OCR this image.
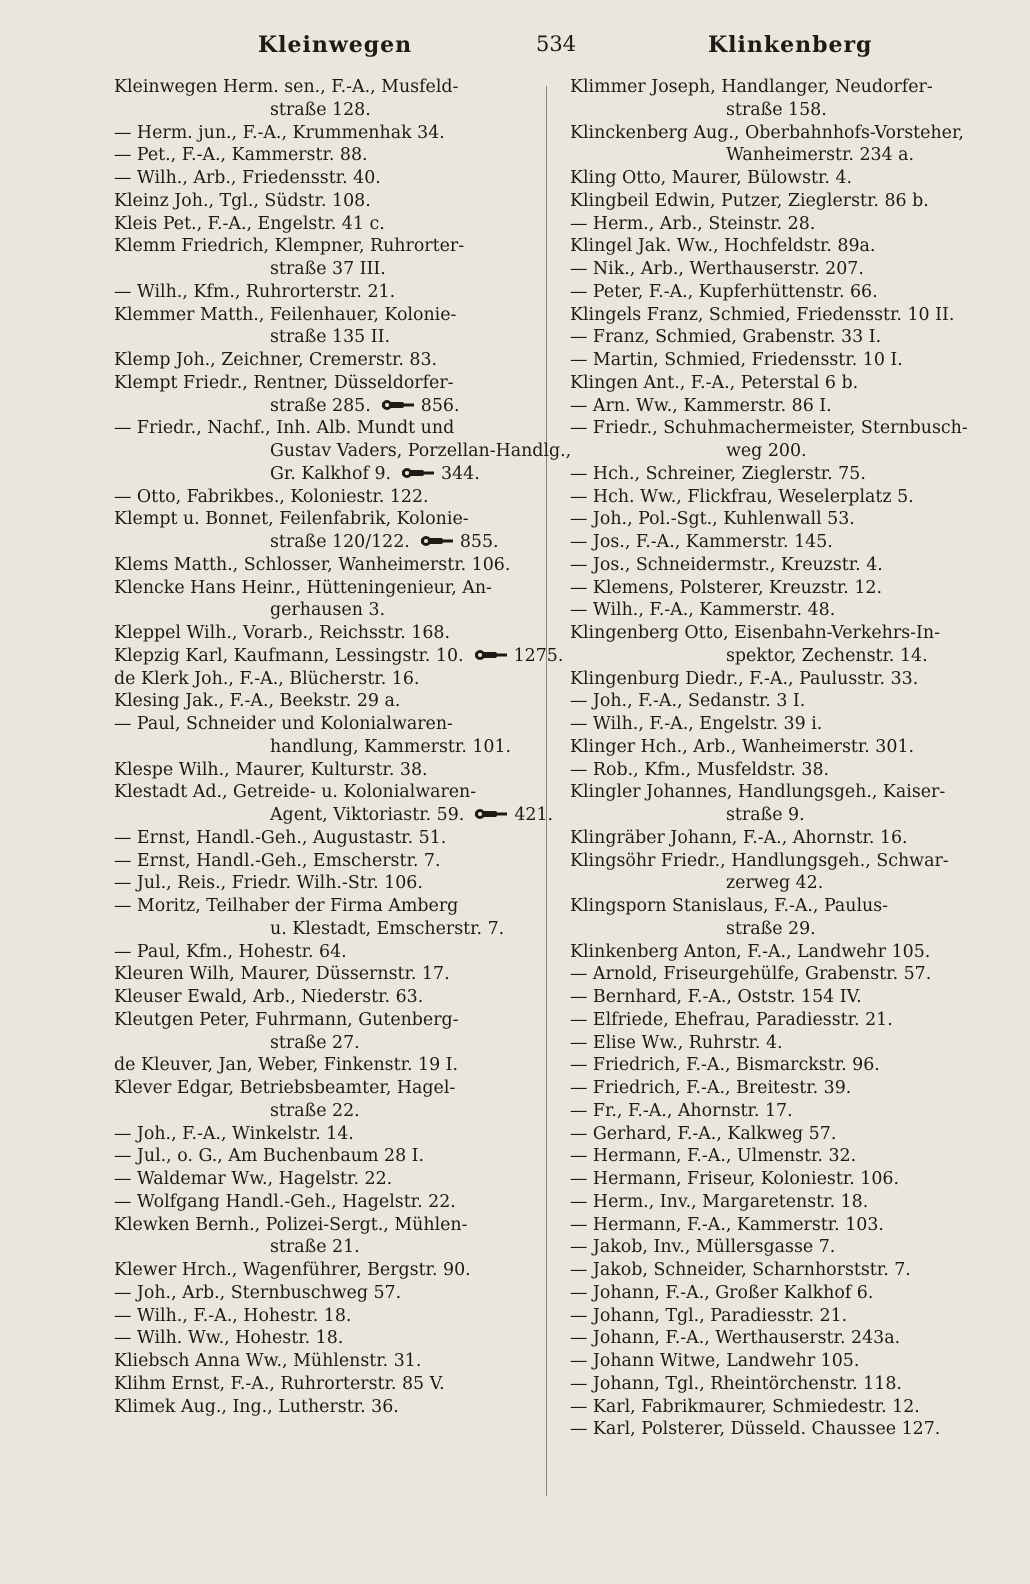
Kleinwegen	534	Klinkenberg
Kleinwegen Herm. sen., F.-A., Musfeld-
straße 128.
— Herm. jun., F.-A., Krummenhak 34.
— Pet., F.-A., Kammerstr. 88.
— Wilh., Arb., Friedensstr. 40.
Kleinz Joh., Tgl., Südstr. 108.
Kleis Pet., F.-A., Engelstr. 41 c.
Klemm Friedrich, Klempner, Ruhrorter-
straße 37 III.
— Wilh., Kfm., Ruhrorterstr. 21.
Klemmer Matth., Feilenhauer, Kolonie-
straße 135 II.
Klemp Joh., Zeichner, Cremerstr. 83.
Klempt Friedr., Rentner, Düsseldorfer-
straße 285.	856.
— Friedr., Nachf., Inh. Alb. Mundt und
Gustav Vaders, Porzellan-Handlg.,
Gr. Kalkhof 9.	344.
— Otto, Fabrikbes., Koloniestr. 122.
Klempt u. Bonnet, Feilenfabrik, Kolonie-
straße 120/122.	855.
Klems Matth., Schlosser, Wanheimerstr. 106.
Klencke Hans Heinr., Hütteningenieur, An-
gerhausen 3.
Kleppel Wilh., Vorarb., Reichsstr. 168.
Klepzig Karl, Kaufmann, Lessingstr. 10.	1275.
de Klerk Joh., F.-A., Blücherstr. 16.
Klesing Jak., F.-A., Beekstr. 29 a.
— Paul, Schneider und Kolonialwaren-
handlung, Kammerstr. 101.
Klespe Wilh., Maurer, Kulturstr. 38.
Klestadt Ad., Getreide- u. Kolonialwaren-
Agent, Viktoriastr. 59.	421.
— Ernst, Handl.-Geh., Augustastr. 51.
— Ernst, Handl.-Geh., Emscherstr. 7.
— Jul., Reis., Friedr. Wilh.-Str. 106.
— Moritz, Teilhaber der Firma Amberg
u. Klestadt, Emscherstr. 7.
— Paul, Kfm., Hohestr. 64.
Kleuren Wilh, Maurer, Düssernstr. 17.
Kleuser Ewald, Arb., Niederstr. 63.
Kleutgen Peter, Fuhrmann, Gutenberg-
straße 27.
de Kleuver, Jan, Weber, Finkenstr. 19 I.
Klever Edgar, Betriebsbeamter, Hagel-
straße 22.
— Joh., F.-A., Winkelstr. 14.
— Jul., o. G., Am Buchenbaum 28 I.
— Waldemar Ww., Hagelstr. 22.
— Wolfgang Handl.-Geh., Hagelstr. 22.
Klewken Bernh., Polizei-Sergt., Mühlen-
straße 21.
Klewer Hrch., Wagenführer, Bergstr. 90.
— Joh., Arb., Sternbuschweg 57.
— Wilh., F.-A., Hohestr. 18.
— Wilh. Ww., Hohestr. 18.
Kliebsch Anna Ww., Mühlenstr. 31.
Klihm Ernst, F.-A., Ruhrorterstr. 85 V.
Klimek Aug., Ing., Lutherstr. 36.
Klimmer Joseph, Handlanger, Neudorfer-
straße 158.
Klinckenberg Aug., Oberbahnhofs-Vorsteher,
Wanheimerstr. 234 a.
Kling Otto, Maurer, Bülowstr. 4.
Klingbeil Edwin, Putzer, Zieglerstr. 86 b.
— Herm., Arb., Steinstr. 28.
Klingel Jak. Ww., Hochfeldstr. 89a.
— Nik., Arb., Werthauserstr. 207.
— Peter, F.-A., Kupferhüttenstr. 66.
Klingels Franz, Schmied, Friedensstr. 10 II.
— Franz, Schmied, Grabenstr. 33 I.
— Martin, Schmied, Friedensstr. 10 I.
Klingen Ant., F.-A., Peterstal 6 b.
— Arn. Ww., Kammerstr. 86 I.
— Friedr., Schuhmachermeister, Sternbusch-
weg 200.
— Hch., Schreiner, Zieglerstr. 75.
— Hch. Ww., Flickfrau, Weselerplatz 5.
— Joh., Pol.-Sgt., Kuhlenwall 53.
— Jos., F.-A., Kammerstr. 145.
— Jos., Schneidermstr., Kreuzstr. 4.
— Klemens, Polsterer, Kreuzstr. 12.
— Wilh., F.-A., Kammerstr. 48.
Klingenberg Otto, Eisenbahn-Verkehrs-In-
spektor, Zechenstr. 14.
Klingenburg Diedr., F.-A., Paulusstr. 33.
— Joh., F.-A., Sedanstr. 3 I.
— Wilh., F.-A., Engelstr. 39 i.
Klinger Hch., Arb., Wanheimerstr. 301.
— Rob., Kfm., Musfeldstr. 38.
Klingler Johannes, Handlungsgeh., Kaiser-
straße 9.
Klingräber Johann, F.-A., Ahornstr. 16.
Klingsöhr Friedr., Handlungsgeh., Schwar-
zerweg 42.
Klingsporn Stanislaus, F.-A., Paulus-
straße 29.
Klinkenberg Anton, F.-A., Landwehr 105.
— Arnold, Friseurgehülfe, Grabenstr. 57.
— Bernhard, F.-A., Oststr. 154 IV.
— Elfriede, Ehefrau, Paradiesstr. 21.
— Elise Ww., Ruhrstr. 4.
— Friedrich, F.-A., Bismarckstr. 96.
— Friedrich, F.-A., Breitestr. 39.
— Fr., F.-A., Ahornstr. 17.
— Gerhard, F.-A., Kalkweg 57.
— Hermann, F.-A., Ulmenstr. 32.
— Hermann, Friseur, Koloniestr. 106.
— Herm., Inv., Margaretenstr. 18.
— Hermann, F.-A., Kammerstr. 103.
— Jakob, Inv., Müllersgasse 7.
— Jakob, Schneider, Scharnhorststr. 7.
— Johann, F.-A., Großer Kalkhof 6.
— Johann, Tgl., Paradiesstr. 21.
— Johann, F.-A., Werthauserstr. 243a.
— Johann Witwe, Landwehr 105.
— Johann, Tgl., Rheintörchenstr. 118.
— Karl, Fabrikmaurer, Schmiedestr. 12.
— Karl, Polsterer, Düsseld. Chaussee 127.
